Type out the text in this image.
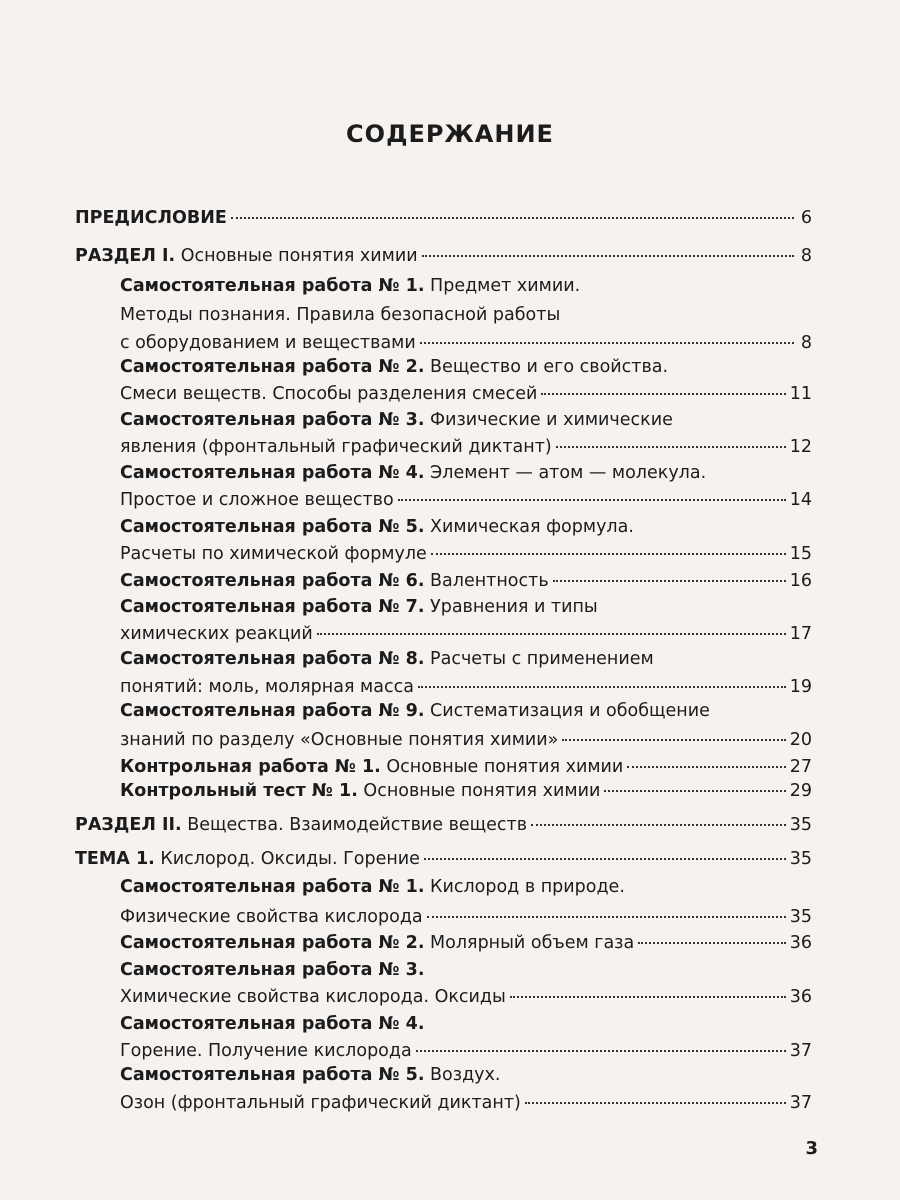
СОДЕРЖАНИЕ
ПРЕДИСЛОВИЕ	6
РАЗДЕЛ I. Основные понятия химии	8
Самостоятельная работа № 1. Предмет химии.
Методы познания. Правила безопасной работы
с оборудованием и веществами	8
Самостоятельная работа № 2. Вещество и его свойства.
Смеси веществ. Способы разделения смесей	11
Самостоятельная работа № 3. Физические и химические
явления (фронтальный графический диктант)	12
Самостоятельная работа № 4. Элемент — атом — молекула.
Простое и сложное вещество	14
Самостоятельная работа № 5. Химическая формула.
Расчеты по химической формуле	15
Самостоятельная работа № 6. Валентность	16
Самостоятельная работа № 7. Уравнения и типы
химических реакций	17
Самостоятельная работа № 8. Расчеты с применением
понятий: моль, молярная масса	19
Самостоятельная работа № 9. Систематизация и обобщение
знаний по разделу «Основные понятия химии»	20
Контрольная работа № 1. Основные понятия химии	27
Контрольный тест № 1. Основные понятия химии	29
РАЗДЕЛ II. Вещества. Взаимодействие веществ	35
ТЕМА 1. Кислород. Оксиды. Горение	35
Самостоятельная работа № 1. Кислород в природе.
Физические свойства кислорода	35
Самостоятельная работа № 2. Молярный объем газа	36
Самостоятельная работа № 3.
Химические свойства кислорода. Оксиды	36
Самостоятельная работа № 4.
Горение. Получение кислорода	37
Самостоятельная работа № 5. Воздух.
Озон (фронтальный графический диктант)	37
3
